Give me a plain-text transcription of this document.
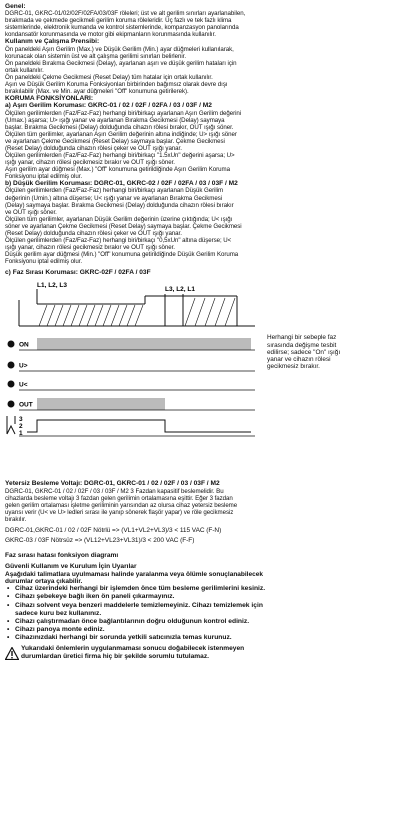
Genel:

DGRC-01, GKRC-01/02/02F/02FA/03/03F röleleri; üst ve alt gerilim sınırları ayarlanabilen,

bırakmada ve çekmede gecikmeli gerilim koruma röleleridir. Üç fazlı ve tek fazlı klima

sistemlerinde, elektronik kumanda ve kontrol sistemlerinde, kompanzasyon panolarında

kondansatör korunmasında ve motor gibi ekipmanların korunmasında kullanılır.

Kullanım ve Çalışma Prensibi:

Ön paneldeki Aşırı Gerilim (Max.) ve Düşük Gerilim (Min.) ayar düğmeleri kullanılarak,

korunacak olan sistemin üst ve alt çalışma gerilimi sınırları belirlenir.

Ön paneldeki Bırakma Gecikmesi (Delay), ayarlanan aşırı ve düşük gerilim hataları için

ortak kullanılır.

Ön paneldeki Çekme Gecikmesi (Reset Delay) tüm hatalar için ortak kullanılır.

Aşırı ve Düşük Gerilim Koruma Fonksiyonları birbirinden bağımsız olarak devre dışı

bırakılabilir (Max. ve Min. ayar düğmeleri "Off" konumuna getirilerek).

KORUMA FONKSİYONLARI:

a) Aşırı Gerilim Koruması: GKRC-01 / 02 / 02F / 02FA / 03 / 03F / M2

Ölçülen gerilimlerden (Faz/Faz-Faz) herhangi biri/birkaçı ayarlanan Aşırı Gerilim değerini

(Umax.) aşarsa; U> ışığı yanar ve ayarlanan Bırakma Gecikmesi (Delay) saymaya

başlar. Bırakma Gecikmesi (Delay) dolduğunda cihazın rölesi bırakır, OUT ışığı söner.

Ölçülen tüm gerilimler, ayarlanan Aşırı Gerilim değerinin altına indiğinde; U> ışığı söner

ve ayarlanan Çekme Gecikmesi (Reset Delay) saymaya başlar. Çekme Gecikmesi

(Reset Delay) dolduğunda cihazın rölesi çeker ve OUT ışığı yanar.

Ölçülen gerilimlerden (Faz/Faz-Faz) herhangi biri/birkaçı "1.5xUn" değerini aşarsa; U>

ışığı yanar, cihazın rölesi gecikmesiz bırakır ve OUT ışığı söner.

Aşırı gerilim ayar düğmesi (Max.) "Off" konumuna getirildiğinde Aşırı Gerilim Koruma

Fonksiyonu iptal edilmiş olur.

b) Düşük Gerilim Koruması: DGRC-01, GKRC-02 / 02F / 02FA / 03 / 03F / M2

Ölçülen gerilimlerden (Faz/Faz-Faz) herhangi biri/birkaçı ayarlanan Düşük Gerilim

değerinin (Umin.) altına düşerse; U< ışığı yanar ve ayarlanan Bırakma Gecikmesi

(Delay) saymaya başlar. Bırakma Gecikmesi (Delay) dolduğunda cihazın rölesi bırakır

ve OUT ışığı söner.

Ölçülen tüm gerilimler, ayarlanan Düşük Gerilim değerinin üzerine çıktığında; U< ışığı

söner ve ayarlanan Çekme Gecikmesi (Reset Delay) saymaya başlar. Çekme Gecikmesi

(Reset Delay) dolduğunda cihazın rölesi çeker ve OUT ışığı yanar.

Ölçülen gerilimlerden (Faz/Faz-Faz) herhangi biri/birkaçı "0,5xUn" altına düşerse; U<

ışığı yanar, cihazın rölesi gecikmesiz bırakır ve OUT ışığı söner.

Düşük gerilim ayar düğmesi (Min.) "Off" konumuna getirildiğinde Düşük Gerilim Koruma

Fonksiyonu iptal edilmiş olur.

c) Faz Sırası Koruması: GKRC-02F / 02FA / 03F

L1, L2, L3
L3, L2, L1
ON
U>
U<
OUT
3
2
1
Herhangi bir sebeple faz
sırasında değişme tesbit
edilirse; sadece "On" ışığı
yanar ve cihazın rölesi
gecikmesiz bırakır.

Yetersiz Besleme Voltajı: DGRC-01, GKRC-01 / 02 / 02F / 03 / 03F / M2

DGRC-01, GKRC-01 / 02 / 02F / 03 / 03F / M2 3 Fazdan kapasitif beslemelidir. Bu

cihazlarda besleme voltajı 3 fazdan gelen gerilimin ortalamasına eşittir. Eğer 3 fazdan

gelen gerilim ortalaması işletme geriliminin yarısından az olursa cihaz yetersiz besleme

uyarısı verir (U< ve U> ledleri sırası ile yanıp sönerek flaşör yapar) ve röle gecikmesiz

bırakılır.

DGRC-01,GKRC-01 / 02 / 02F Nötrlü => (VL1+VL2+VL3)/3 < 115 VAC (F-N)

GKRC-03 / 03F Nötrsüz => (VL12+VL23+VL31)/3 < 200 VAC (F-F)

Faz sırası hatası fonksiyon diagramı

Güvenli Kullanım ve Kurulum İçin Uyarılar

Aşağıdaki talimatlara uyulmaması halinde yaralanma veya ölümle sonuçlanabilecek

durumlar ortaya çıkabilir.

• Cihaz üzerindeki herhangi bir işlemden önce tüm besleme gerilimlerini kesiniz.

• Cihazı şebekeye bağlı iken ön paneli çıkarmayınız.

• Cihazı solvent veya benzeri maddelerle temizlemeyiniz. Cihazı temizlemek için

sadece kuru bez kullanınız.

• Cihazı çalıştırmadan önce bağlantılarının doğru olduğunun kontrol ediniz.

• Cihazı panoya monte ediniz.

• Cihazınızdaki herhangi bir sorunda yetkili satıcınızla temas kurunuz.

Yukarıdaki önlemlerin uygulanmaması sonucu doğabilecek istenmeyen
durumlardan üretici firma hiç bir şekilde sorumlu tutulamaz.
